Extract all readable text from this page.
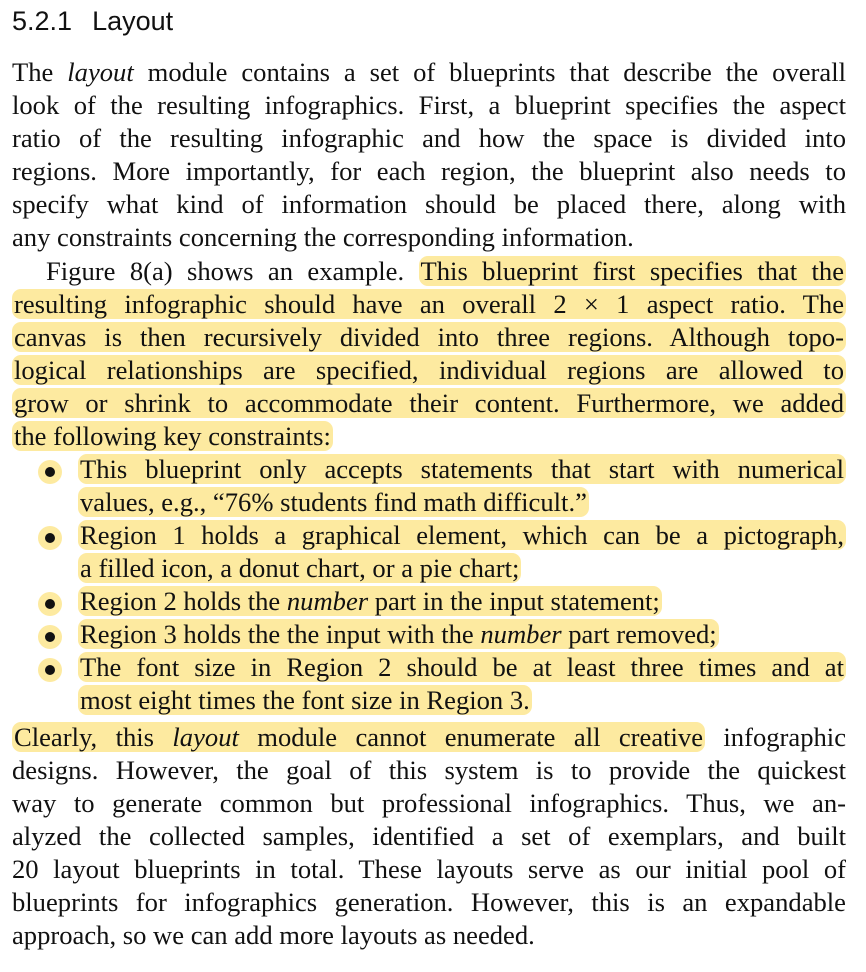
5.2.1 Layout
The layout module contains a set of blueprints that describe the overall
look of the resulting infographics. First, a blueprint specifies the aspect
ratio of the resulting infographic and how the space is divided into
regions. More importantly, for each region, the blueprint also needs to
specify what kind of information should be placed there, along with
any constraints concerning the corresponding information.
Figure 8(a) shows an example. This blueprint first specifies that the
resulting infographic should have an overall 2 × 1 aspect ratio. The
canvas is then recursively divided into three regions. Although topo-
logical relationships are specified, individual regions are allowed to
grow or shrink to accommodate their content. Furthermore, we added
the following key constraints:
This blueprint only accepts statements that start with numerical
values, e.g., “76% students find math difficult.”
Region 1 holds a graphical element, which can be a pictograph,
a filled icon, a donut chart, or a pie chart;
Region 2 holds the number part in the input statement;
Region 3 holds the the input with the number part removed;
The font size in Region 2 should be at least three times and at
most eight times the font size in Region 3.
Clearly, this layout module cannot enumerate all creative infographic
designs. However, the goal of this system is to provide the quickest
way to generate common but professional infographics. Thus, we an-
alyzed the collected samples, identified a set of exemplars, and built
20 layout blueprints in total. These layouts serve as our initial pool of
blueprints for infographics generation. However, this is an expandable
approach, so we can add more layouts as needed.
